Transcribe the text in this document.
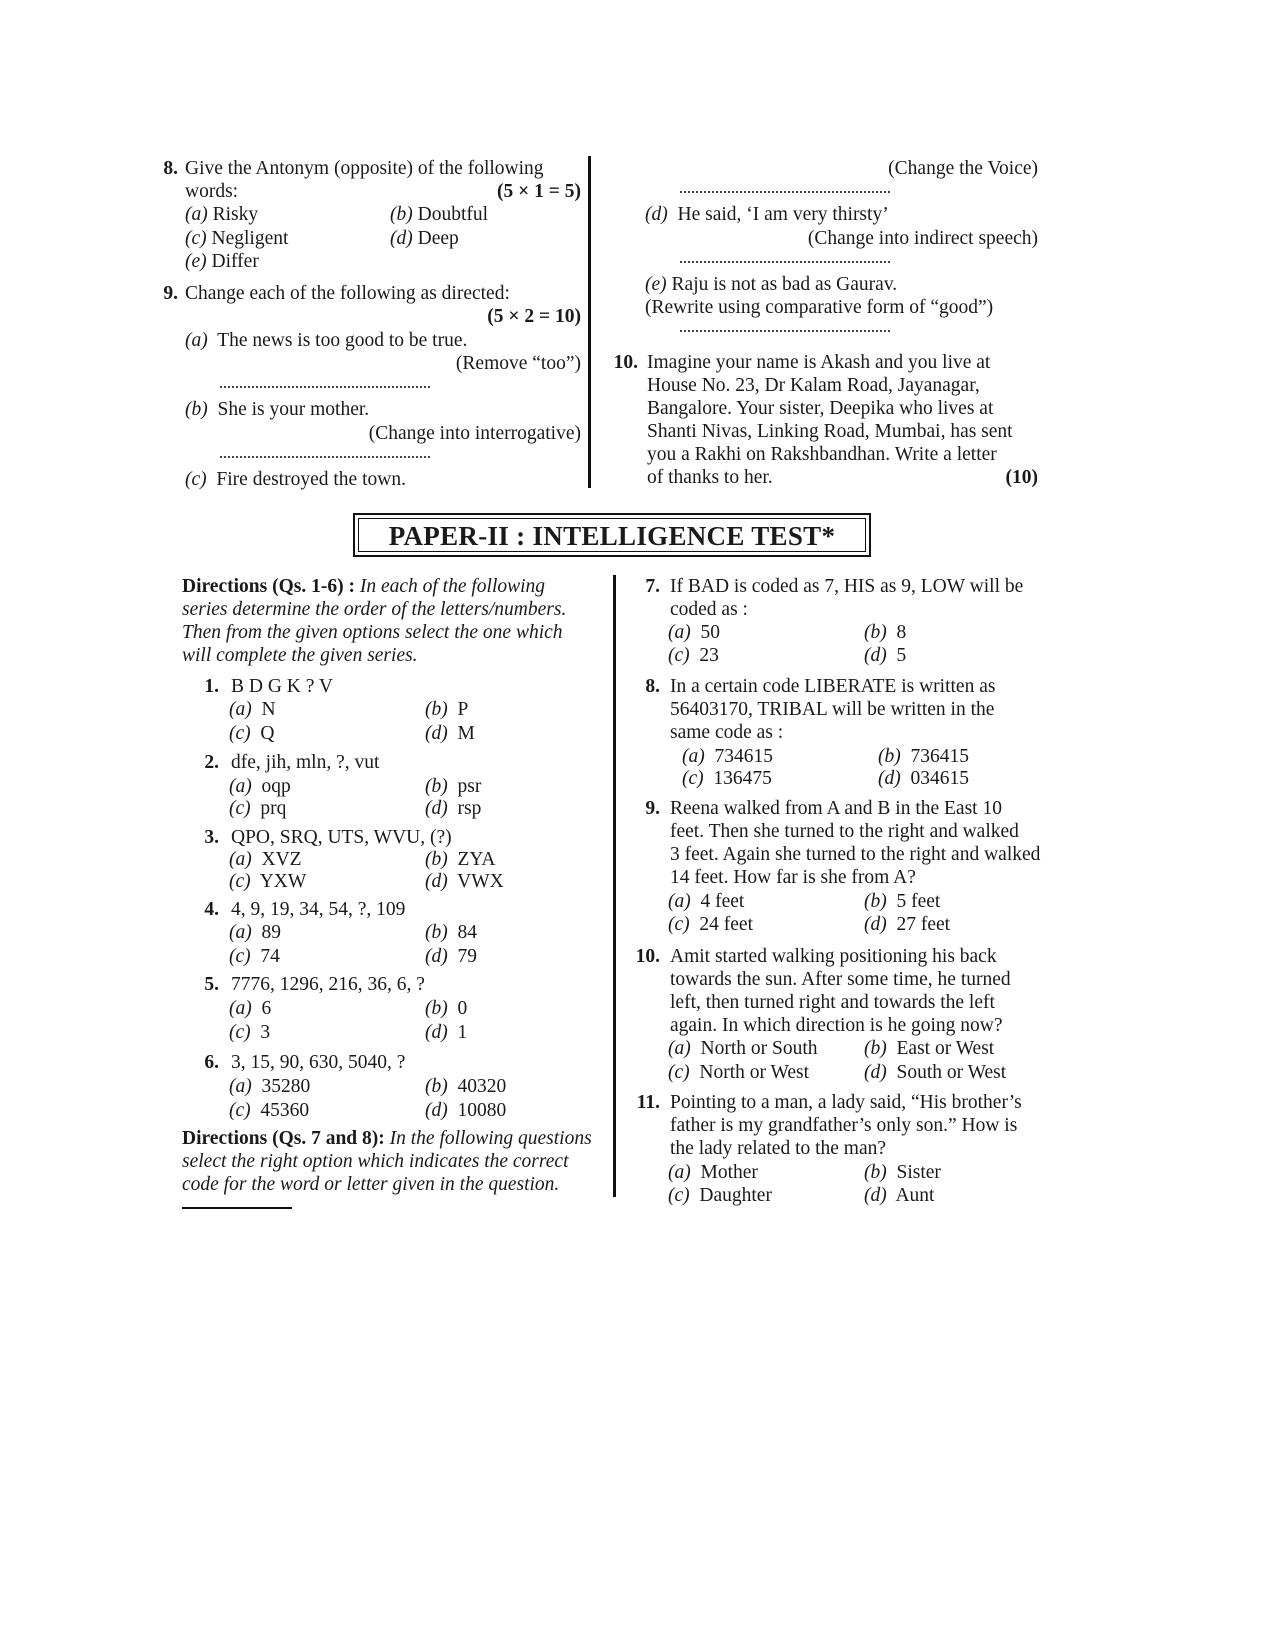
8. Give the Antonym (opposite) of the following
words:	(5 × 1 = 5)
(a) Risky	(b) Doubtful
(c) Negligent	(d) Deep
(e) Differ
9. Change each of the following as directed:
(5 × 2 = 10)
(a) The news is too good to be true.
(Remove “too”)
(b) She is your mother.
(Change into interrogative)
(c) Fire destroyed the town.
(Change the Voice)
(d) He said, ‘I am very thirsty’
(Change into indirect speech)
(e) Raju is not as bad as Gaurav.
(Rewrite using comparative form of “good”)
10. Imagine your name is Akash and you live at
House No. 23, Dr Kalam Road, Jayanagar,
Bangalore. Your sister, Deepika who lives at
Shanti Nivas, Linking Road, Mumbai, has sent
you a Rakhi on Rakshbandhan. Write a letter
of thanks to her.	(10)
PAPER-II : INTELLIGENCE TEST*
Directions (Qs. 1-6) : In each of the following
series determine the order of the letters/numbers.
Then from the given options select the one which
will complete the given series.
1. B D G K ? V
(a) N	(b) P
(c) Q	(d) M
2. dfe, jih, mln, ?, vut
(a) oqp	(b) psr
(c) prq	(d) rsp
3. QPO, SRQ, UTS, WVU, (?)
(a) XVZ	(b) ZYA
(c) YXW	(d) VWX
4. 4, 9, 19, 34, 54, ?, 109
(a) 89	(b) 84
(c) 74	(d) 79
5. 7776, 1296, 216, 36, 6, ?
(a) 6	(b) 0
(c) 3	(d) 1
6. 3, 15, 90, 630, 5040, ?
(a) 35280	(b) 40320
(c) 45360	(d) 10080
Directions (Qs. 7 and 8): In the following questions
select the right option which indicates the correct
code for the word or letter given in the question.
7. If BAD is coded as 7, HIS as 9, LOW will be
coded as :
(a) 50	(b) 8
(c) 23	(d) 5
8. In a certain code LIBERATE is written as
56403170, TRIBAL will be written in the
same code as :
(a) 734615	(b) 736415
(c) 136475	(d) 034615
9. Reena walked from A and B in the East 10
feet. Then she turned to the right and walked
3 feet. Again she turned to the right and walked
14 feet. How far is she from A?
(a) 4 feet	(b) 5 feet
(c) 24 feet	(d) 27 feet
10. Amit started walking positioning his back
towards the sun. After some time, he turned
left, then turned right and towards the left
again. In which direction is he going now?
(a) North or South (b) East or West
(c) North or West	(d) South or West
11. Pointing to a man, a lady said, “His brother’s
father is my grandfather’s only son.” How is
the lady related to the man?
(a) Mother	(b) Sister
(c) Daughter	(d) Aunt
